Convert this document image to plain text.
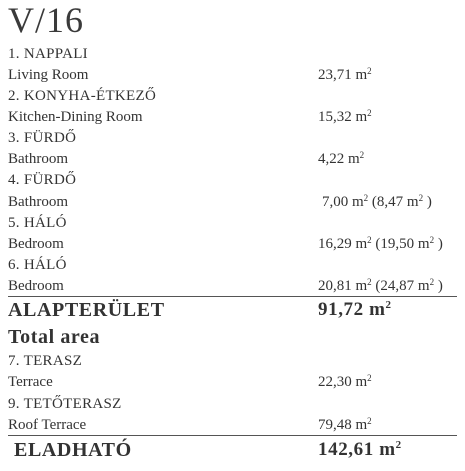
V/16
1. NAPPALI
Living Room	23,71 $m^2$
2. KONYHA-ÉTKEZŐ
Kitchen-Dining Room	15,32 $m^2$
3. FÜRDŐ
Bathroom	4,22 $m^2$
4. FÜRDŐ
Bathroom	7,00 $m^2$ (8,47 $m^2$ )
5. HÁLÓ
Bedroom	16,29 $m^2$ (19,50 $m^2$ )
6. HÁLÓ
Bedroom	20,81 $m^2$ (24,87 $m^2$ )
ALAPTERÜLET	91,72 $m^2$
Total area
7. TERASZ
Terrace	22,30 $m^2$
9. TETŐTERASZ
Roof Terrace	79,48 $m^2$
ELADHATÓ	142,61 $m^2$
